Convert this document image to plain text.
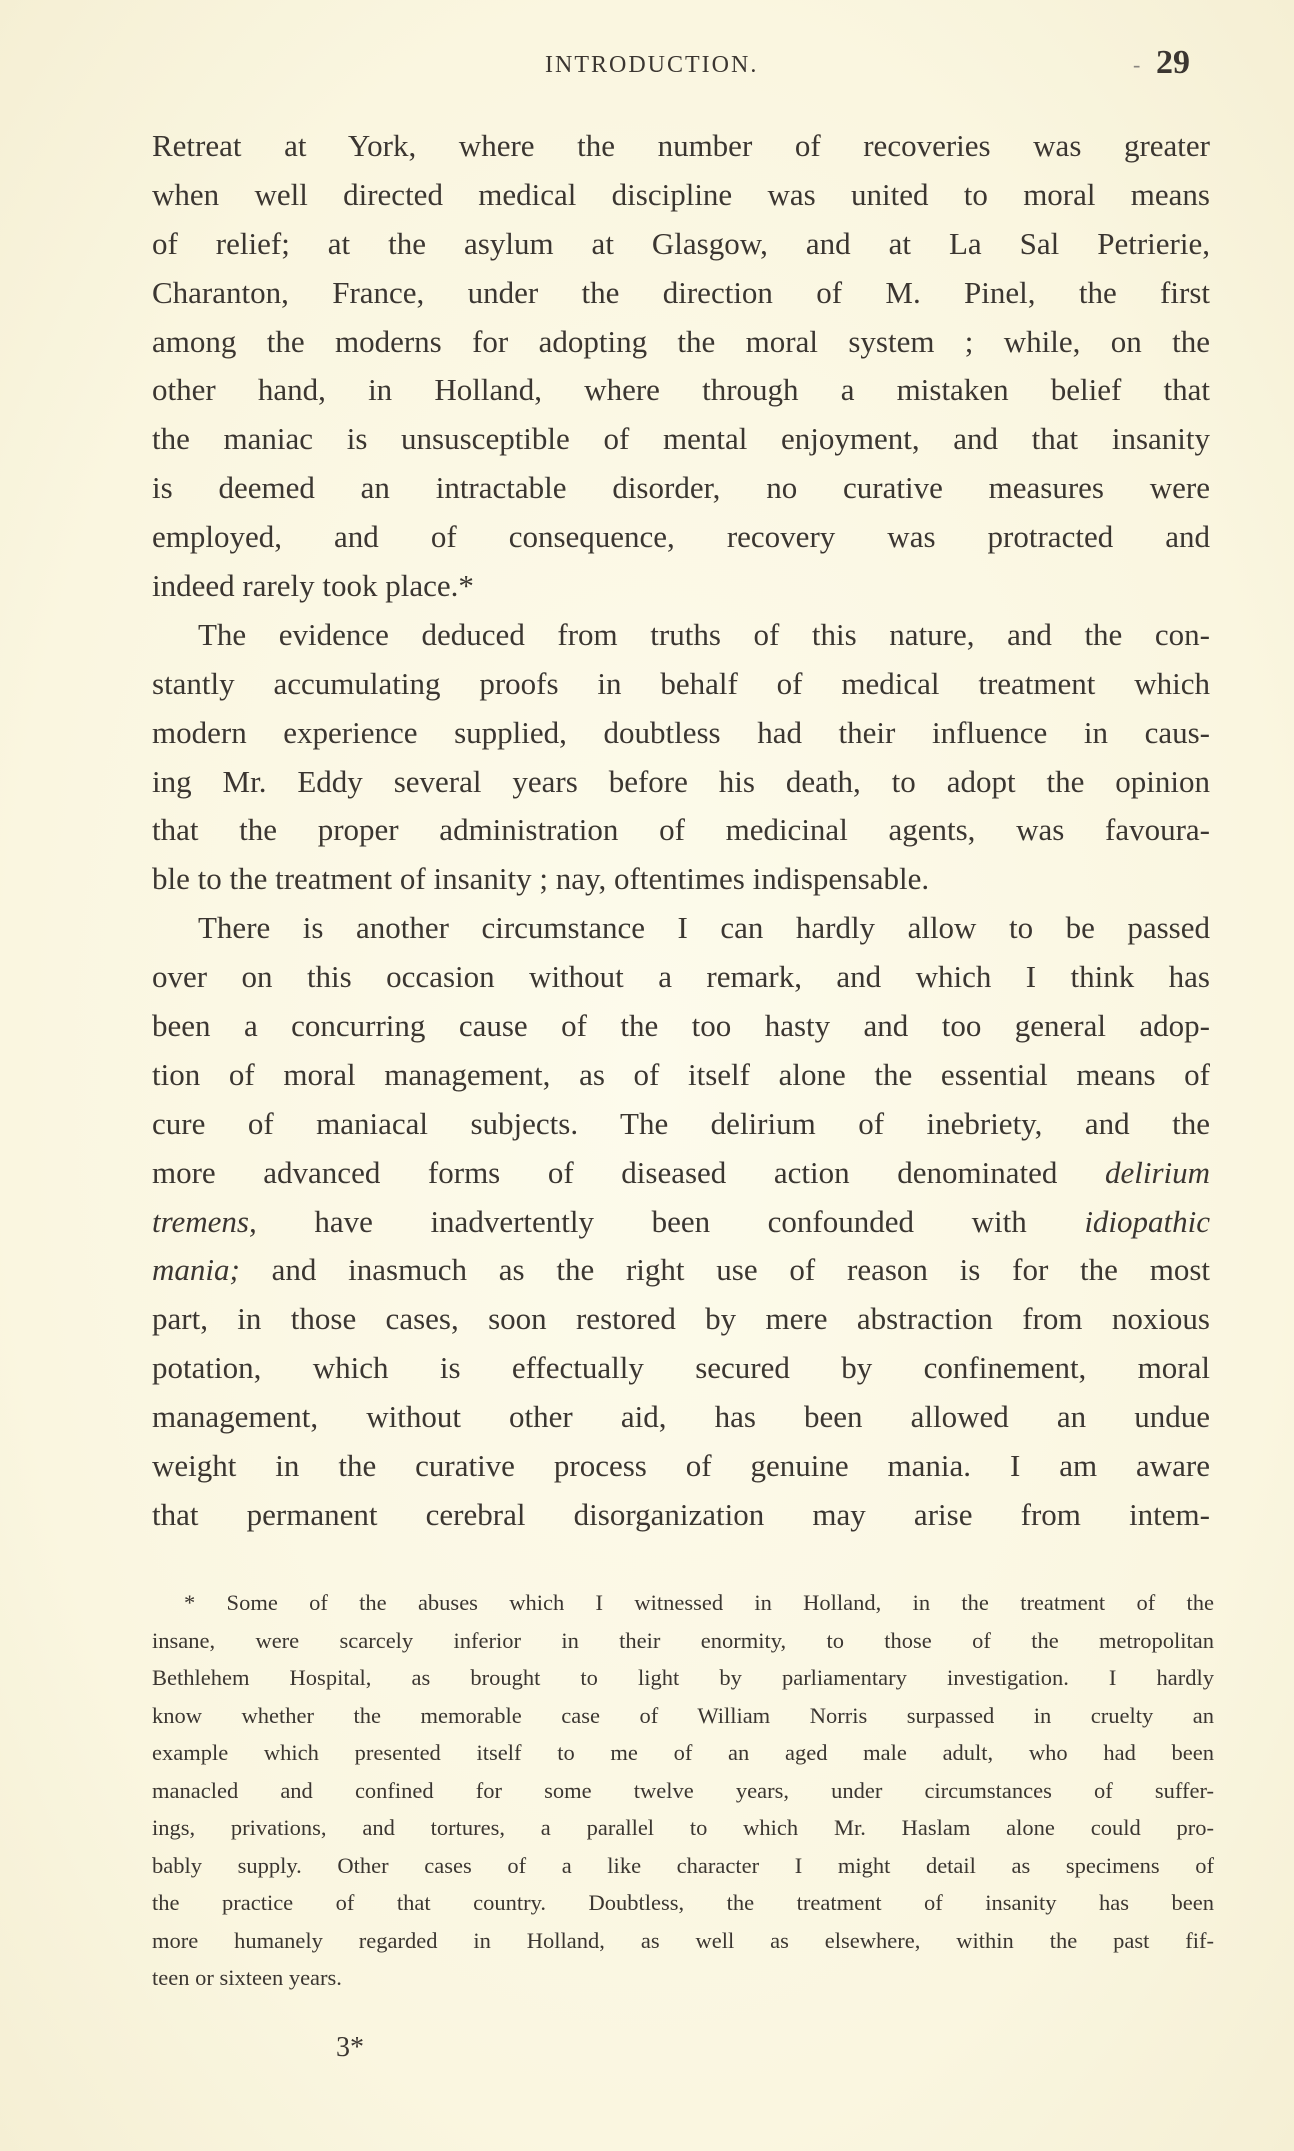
INTRODUCTION.	- 29
Retreat at York, where the number of recoveries was greater
when well directed medical discipline was united to moral means
of relief; at the asylum at Glasgow, and at La Sal Petrierie,
Charanton, France, under the direction of M. Pinel, the first
among the moderns for adopting the moral system ; while, on the
other hand, in Holland, where through a mistaken belief that
the maniac is unsusceptible of mental enjoyment, and that insanity
is deemed an intractable disorder, no curative measures were
employed, and of consequence, recovery was protracted and
indeed rarely took place.*
The evidence deduced from truths of this nature, and the con-
stantly accumulating proofs in behalf of medical treatment which
modern experience supplied, doubtless had their influence in caus-
ing Mr. Eddy several years before his death, to adopt the opinion
that the proper administration of medicinal agents, was favoura-
ble to the treatment of insanity ; nay, oftentimes indispensable.
There is another circumstance I can hardly allow to be passed
over on this occasion without a remark, and which I think has
been a concurring cause of the too hasty and too general adop-
tion of moral management, as of itself alone the essential means of
cure of maniacal subjects. The delirium of inebriety, and the
more advanced forms of diseased action denominated delirium
tremens, have inadvertently been confounded with idiopathic
mania; and inasmuch as the right use of reason is for the most
part, in those cases, soon restored by mere abstraction from noxious
potation, which is effectually secured by confinement, moral
management, without other aid, has been allowed an undue
weight in the curative process of genuine mania. I am aware
that permanent cerebral disorganization may arise from intem-
* Some of the abuses which I witnessed in Holland, in the treatment of the
insane, were scarcely inferior in their enormity, to those of the metropolitan
Bethlehem Hospital, as brought to light by parliamentary investigation. I hardly
know whether the memorable case of William Norris surpassed in cruelty an
example which presented itself to me of an aged male adult, who had been
manacled and confined for some twelve years, under circumstances of suffer-
ings, privations, and tortures, a parallel to which Mr. Haslam alone could pro-
bably supply. Other cases of a like character I might detail as specimens of
the practice of that country. Doubtless, the treatment of insanity has been
more humanely regarded in Holland, as well as elsewhere, within the past fif-
teen or sixteen years.
3*
